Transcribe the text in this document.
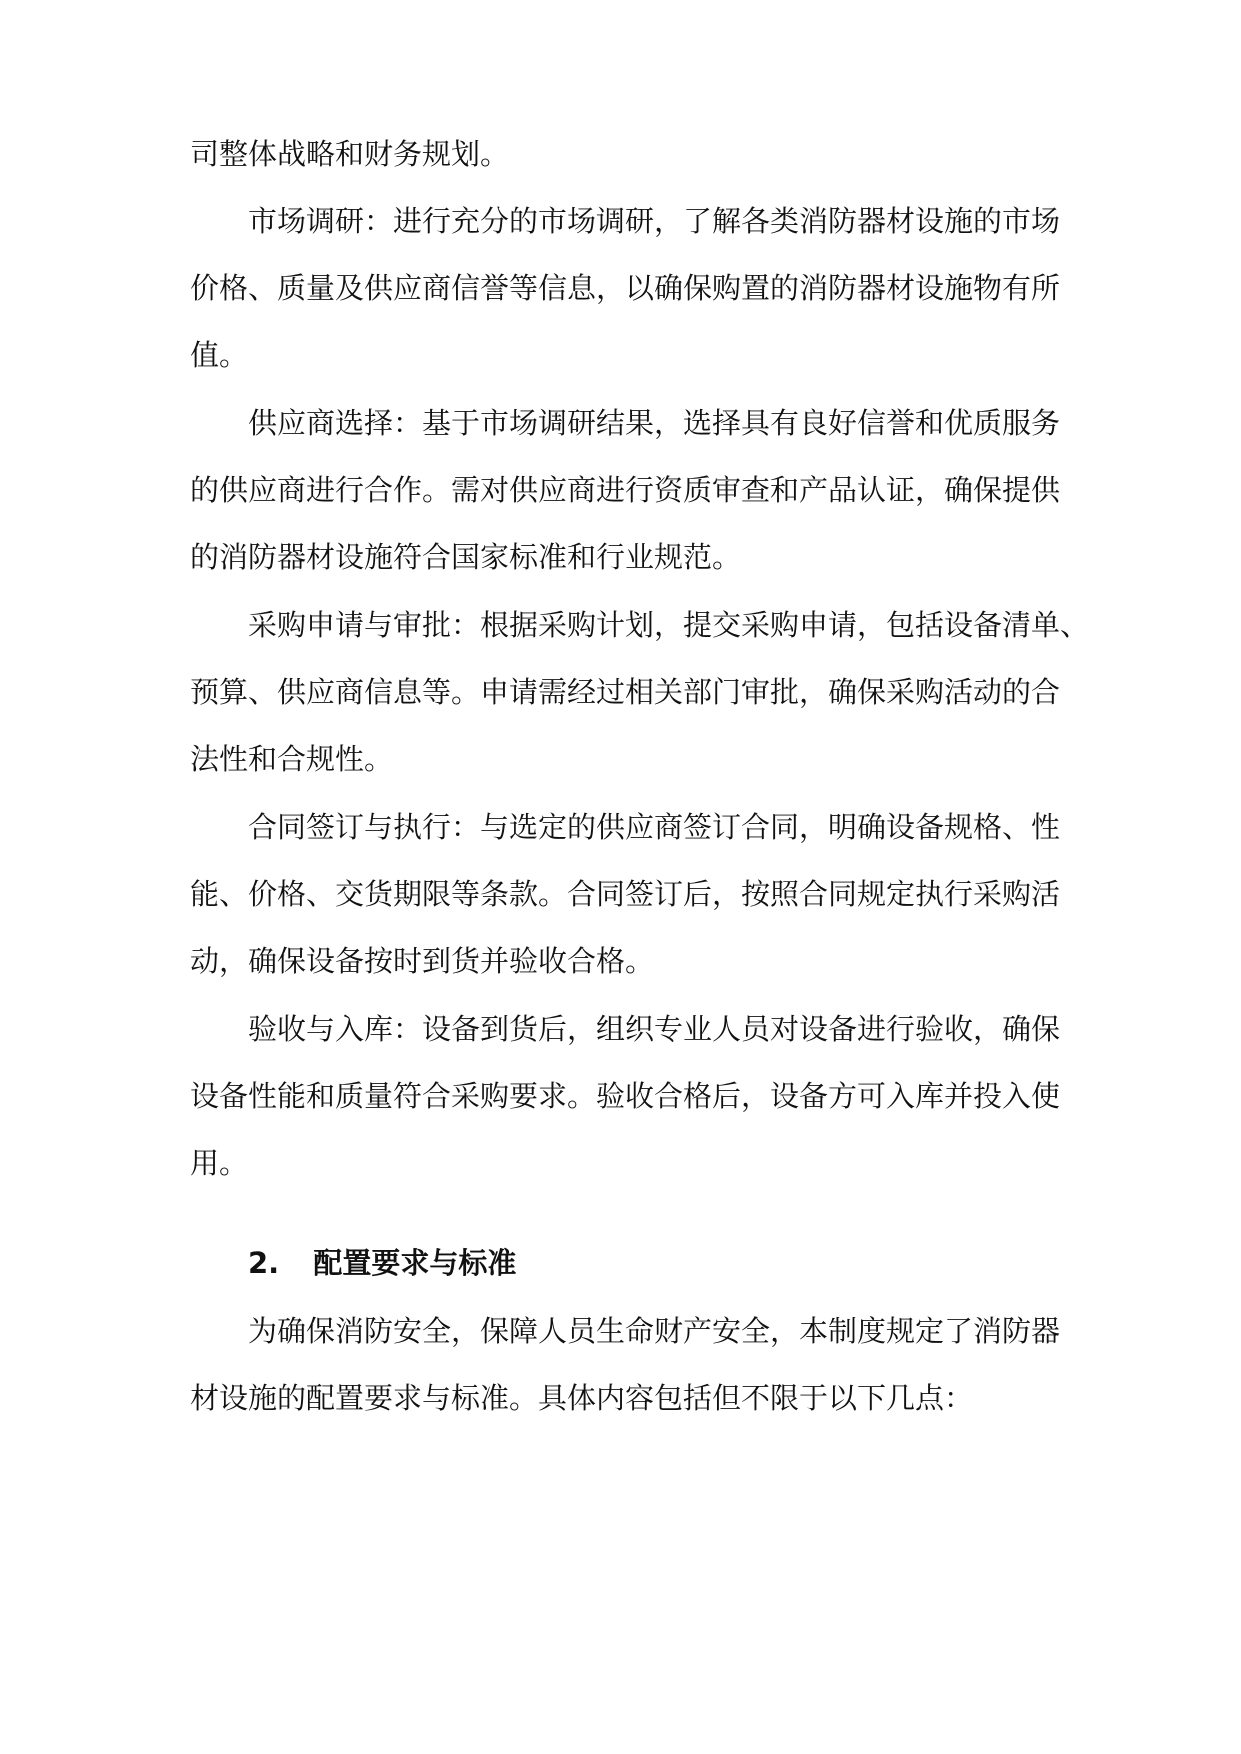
司整体战略和财务规划。
市场调研：进行充分的市场调研，了解各类消防器材设施的市场
价格、质量及供应商信誉等信息，以确保购置的消防器材设施物有所
值。
供应商选择：基于市场调研结果，选择具有良好信誉和优质服务
的供应商进行合作。需对供应商进行资质审查和产品认证，确保提供
的消防器材设施符合国家标准和行业规范。
采购申请与审批：根据采购计划，提交采购申请，包括设备清单、
预算、供应商信息等。申请需经过相关部门审批，确保采购活动的合
法性和合规性。
合同签订与执行：与选定的供应商签订合同，明确设备规格、性
能、价格、交货期限等条款。合同签订后，按照合同规定执行采购活
动，确保设备按时到货并验收合格。
验收与入库：设备到货后，组织专业人员对设备进行验收，确保
设备性能和质量符合采购要求。验收合格后，设备方可入库并投入使
用。
2. 配置要求与标准
为确保消防安全，保障人员生命财产安全，本制度规定了消防器
材设施的配置要求与标准。具体内容包括但不限于以下几点：
